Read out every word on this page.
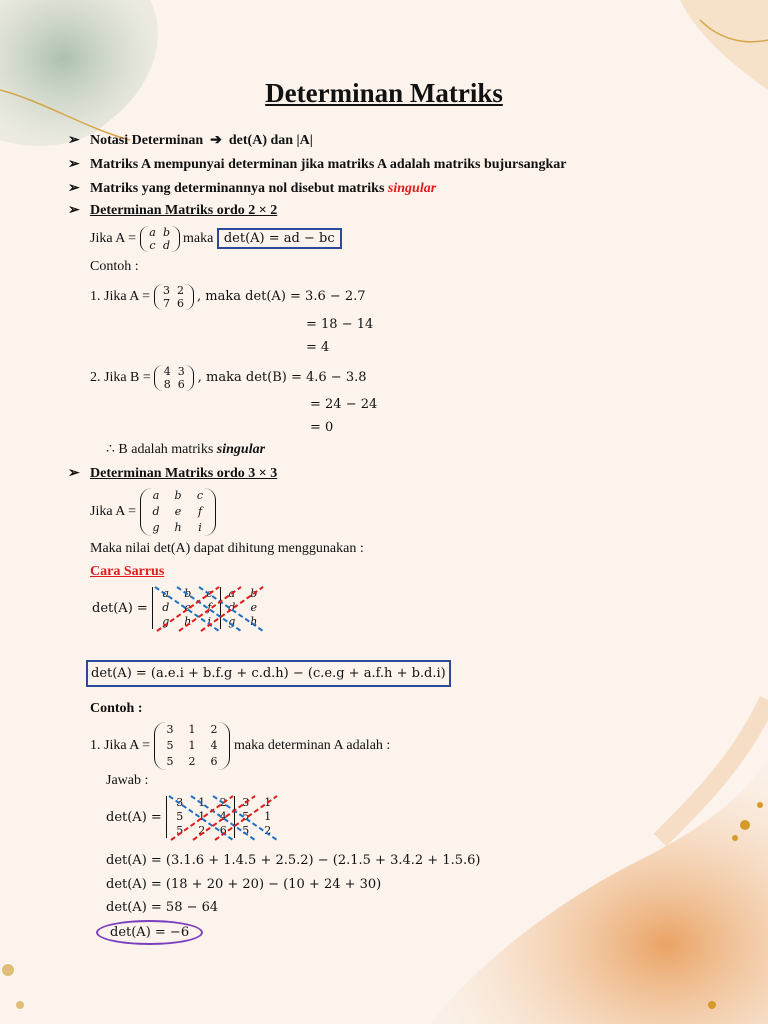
Determinan Matriks
➢ Notasi Determinan  ➔  det(A) dan |A|
➢ Matriks A mempunyai determinan jika matriks A adalah matriks bujursangkar
➢ Matriks yang determinannya nol disebut matriks singular
➢ Determinan Matriks ordo 2 × 2
Jika A =	a b
c d maka det(A) = ad − bc
Contoh :
1. Jika A =	3 2
7 6 , maka det(A) = 3.6 − 2.7
= 18 − 14
= 4
2. Jika B =	4 3
8 6 , maka det(B) = 4.6 − 3.8
= 24 − 24
= 0
∴ B adalah matriks singular
➢ Determinan Matriks ordo 3 × 3
Jika A =
a	b	c
d	e	f
g	h	i
Maka nilai det(A) dapat dihitung menggunakan :
Cara Sarrus
det(A) =
a	b	c	a	b
d	e	f	d	e
g	h	i	g	h
det(A) = (a.e.i + b.f.g + c.d.h) − (c.e.g + a.f.h + b.d.i)
Contoh :
1. Jika A =
3	1	2
5	1	4
5	2	6
maka determinan A adalah :
Jawab :
det(A) =
3	1	2	3	1
5	1	4	5	1
5	2	6	5	2
det(A) = (3.1.6 + 1.4.5 + 2.5.2) − (2.1.5 + 3.4.2 + 1.5.6)
det(A) = (18 + 20 + 20) − (10 + 24 + 30)
det(A) = 58 − 64
det(A) = −6
